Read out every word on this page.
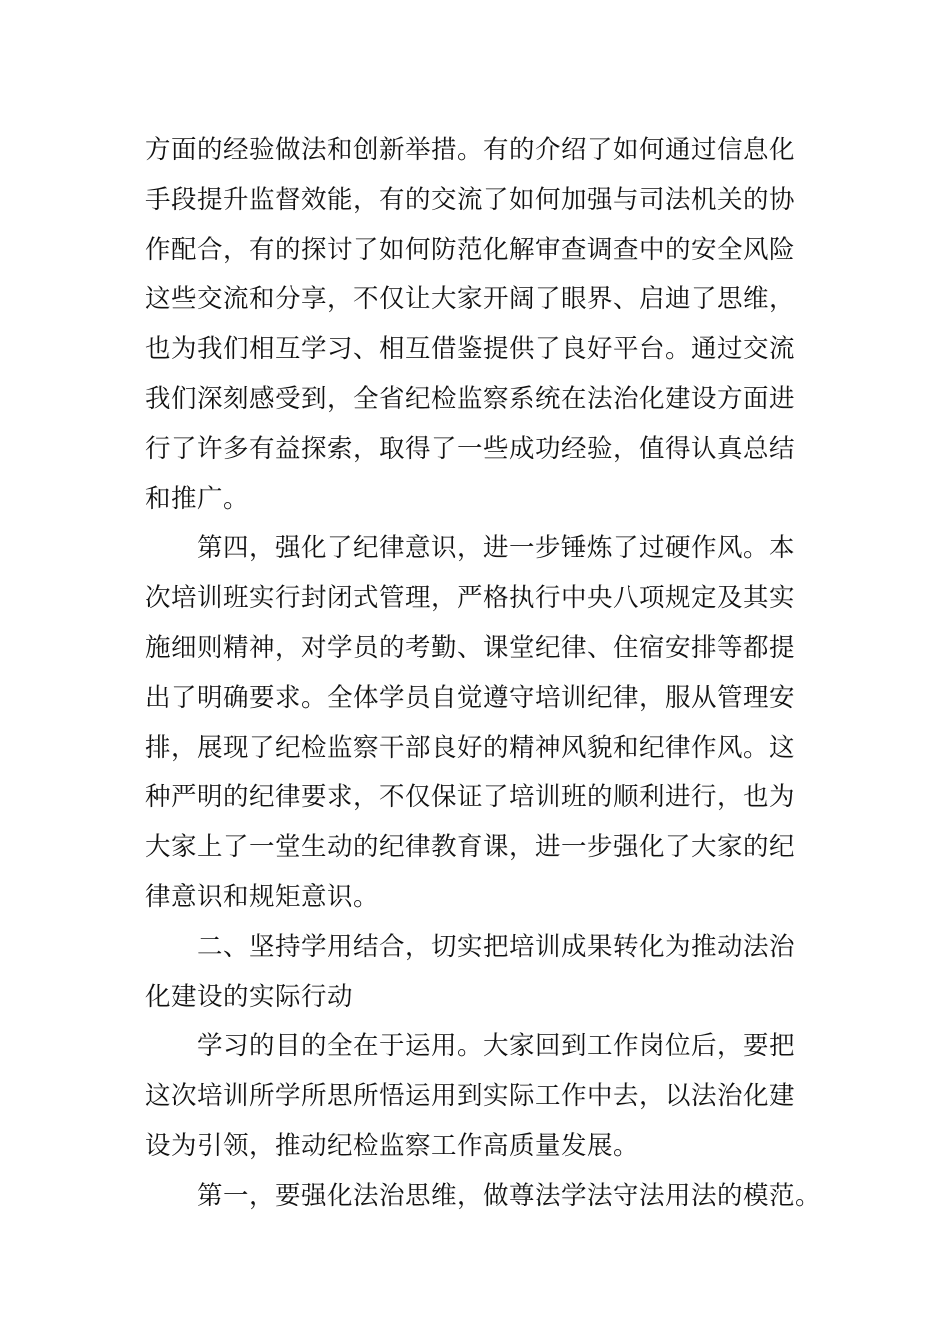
方面的经验做法和创新举措。有的介绍了如何通过信息化
手段提升监督效能，有的交流了如何加强与司法机关的协
作配合，有的探讨了如何防范化解审查调查中的安全风险
这些交流和分享，不仅让大家开阔了眼界、启迪了思维，
也为我们相互学习、相互借鉴提供了良好平台。通过交流
我们深刻感受到，全省纪检监察系统在法治化建设方面进
行了许多有益探索，取得了一些成功经验，值得认真总结
和推广。
　　第四，强化了纪律意识，进一步锤炼了过硬作风。本
次培训班实行封闭式管理，严格执行中央八项规定及其实
施细则精神，对学员的考勤、课堂纪律、住宿安排等都提
出了明确要求。全体学员自觉遵守培训纪律，服从管理安
排，展现了纪检监察干部良好的精神风貌和纪律作风。这
种严明的纪律要求，不仅保证了培训班的顺利进行，也为
大家上了一堂生动的纪律教育课，进一步强化了大家的纪
律意识和规矩意识。
　　二、坚持学用结合，切实把培训成果转化为推动法治
化建设的实际行动
　　学习的目的全在于运用。大家回到工作岗位后，要把
这次培训所学所思所悟运用到实际工作中去，以法治化建
设为引领，推动纪检监察工作高质量发展。
　　第一，要强化法治思维，做尊法学法守法用法的模范。
